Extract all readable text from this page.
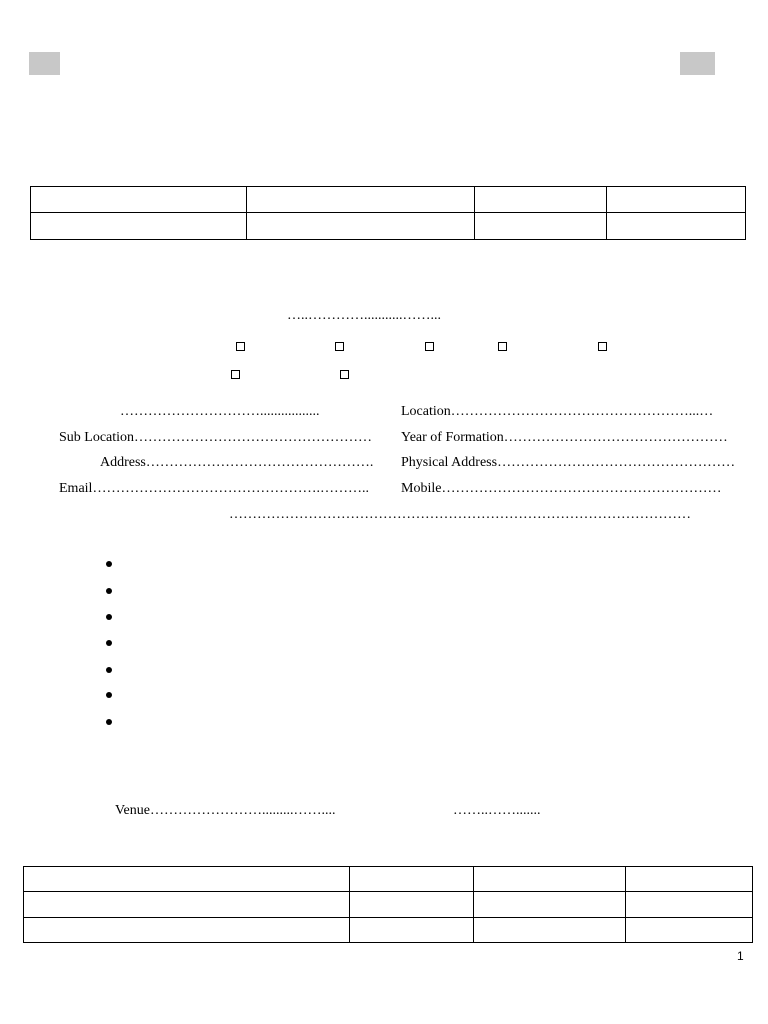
…..…………...........……...
………………………….................	Location……………………………………………...…
Sub Location…………………………………………… Year of Formation…………………………………………
Address…………………………………………. Physical Address……………………………………………
Email………………………………………….……….. Mobile……………………………………………………
………………………………………………………………………………………
Venue…………………….........……....	……..…….......

1
